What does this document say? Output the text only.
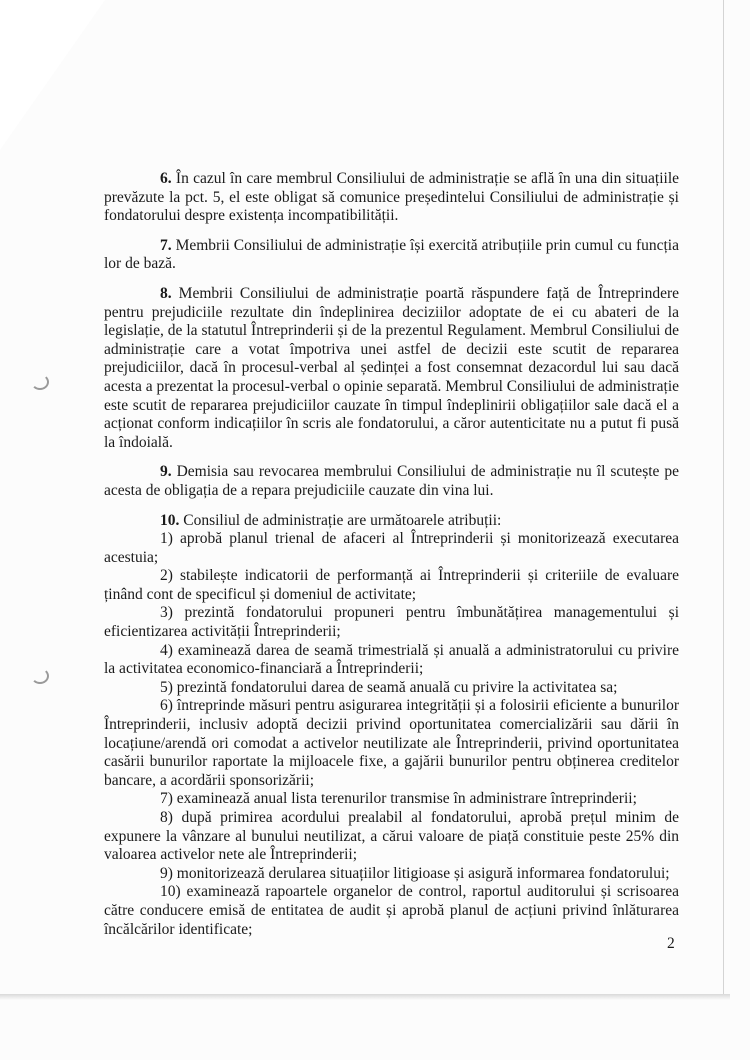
6. În cazul în care membrul Consiliului de administrație se află în una din situațiile prevăzute la pct. 5, el este obligat să comunice președintelui Consiliului de administrație și fondatorului despre existența incompatibilității.

7. Membrii Consiliului de administrație își exercită atribuțiile prin cumul cu funcția lor de bază.

8. Membrii Consiliului de administrație poartă răspundere față de Întreprindere pentru prejudiciile rezultate din îndeplinirea deciziilor adoptate de ei cu abateri de la legislație, de la statutul Întreprinderii și de la prezentul Regulament. Membrul Consiliului de administrație care a votat împotriva unei astfel de decizii este scutit de repararea prejudiciilor, dacă în procesul-verbal al ședinței a fost consemnat dezacordul lui sau dacă acesta a prezentat la procesul-verbal o opinie separată. Membrul Consiliului de administrație este scutit de repararea prejudiciilor cauzate în timpul îndeplinirii obligațiilor sale dacă el a acționat conform indicațiilor în scris ale fondatorului, a căror autenticitate nu a putut fi pusă la îndoială.

9. Demisia sau revocarea membrului Consiliului de administrație nu îl scutește pe acesta de obligația de a repara prejudiciile cauzate din vina lui.

10. Consiliul de administrație are următoarele atribuții:

1) aprobă planul trienal de afaceri al Întreprinderii și monitorizează executarea acestuia;

2) stabilește indicatorii de performanță ai Întreprinderii și criteriile de evaluare ținând cont de specificul și domeniul de activitate;

3) prezintă fondatorului propuneri pentru îmbunătățirea managementului și eficientizarea activității Întreprinderii;

4) examinează darea de seamă trimestrială și anuală a administratorului cu privire la activitatea economico-financiară a Întreprinderii;

5) prezintă fondatorului darea de seamă anuală cu privire la activitatea sa;

6) întreprinde măsuri pentru asigurarea integrității și a folosirii eficiente a bunurilor Întreprinderii, inclusiv adoptă decizii privind oportunitatea comercializării sau dării în locațiune/arendă ori comodat a activelor neutilizate ale Întreprinderii, privind oportunitatea casării bunurilor raportate la mijloacele fixe, a gajării bunurilor pentru obținerea creditelor bancare, a acordării sponsorizării;

7) examinează anual lista terenurilor transmise în administrare întreprinderii;

8) după primirea acordului prealabil al fondatorului, aprobă prețul minim de expunere la vânzare al bunului neutilizat, a cărui valoare de piață constituie peste 25% din valoarea activelor nete ale Întreprinderii;

9) monitorizează derularea situațiilor litigioase și asigură informarea fondatorului;

10) examinează rapoartele organelor de control, raportul auditorului și scrisoarea către conducere emisă de entitatea de audit și aprobă planul de acțiuni privind înlăturarea încălcărilor identificate;

2
